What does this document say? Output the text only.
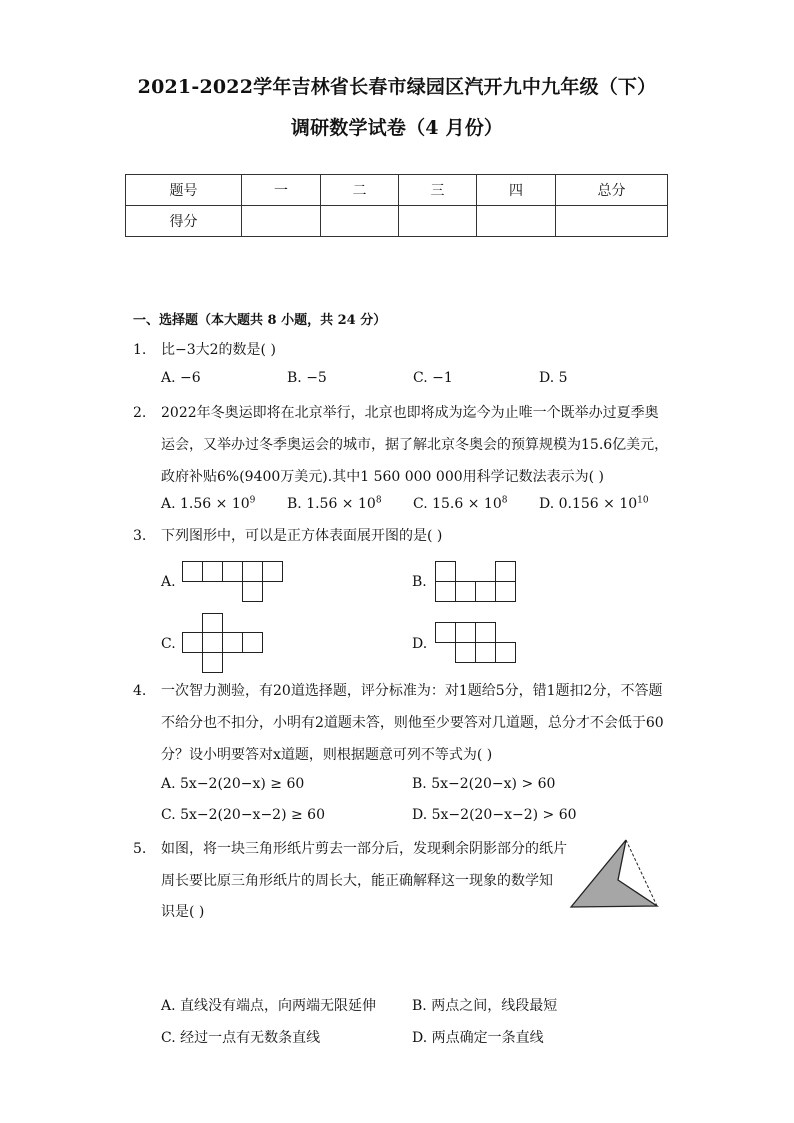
2021-2022学年吉林省长春市绿园区汽开九中九年级（下）
调研数学试卷（4 月份）
题号	一	二	三	四	总分
得分					
一、选择题（本大题共 8 小题，共 24 分）
1.	比−3大2的数是( )
A. −6	B. −5	C. −1	D. 5
2.	2022年冬奥运即将在北京举行，北京也即将成为迄今为止唯一个既举办过夏季奥
运会，又举办过冬季奥运会的城市，据了解北京冬奥会的预算规模为15.6亿美元，
政府补贴6%(9400万美元).其中1 560 000 000用科学记数法表示为( )
A. $1.56 \times 10^9$ B. $1.56 \times 10^8$ C. $15.6 \times 10^8$ D. $0.156 \times 10^{10}$
3.	下列图形中，可以是正方体表面展开图的是( )
A.	B.
C.	D.
4.	一次智力测验，有20道选择题，评分标准为：对1题给5分，错1题扣2分，不答题
不给分也不扣分，小明有2道题未答，则他至少要答对几道题，总分才不会低于60
分？设小明要答对x道题，则根据题意可列不等式为( )
A. 5x−2(20−x) ≥ 60	B. 5x−2(20−x) > 60
C. 5x−2(20−x−2) ≥ 60	D. 5x−2(20−x−2) > 60
5.	如图，将一块三角形纸片剪去一部分后，发现剩余阴影部分的纸片
周长要比原三角形纸片的周长大，能正确解释这一现象的数学知
识是( )
A. 直线没有端点，向两端无限延伸	B. 两点之间，线段最短
C. 经过一点有无数条直线	D. 两点确定一条直线
